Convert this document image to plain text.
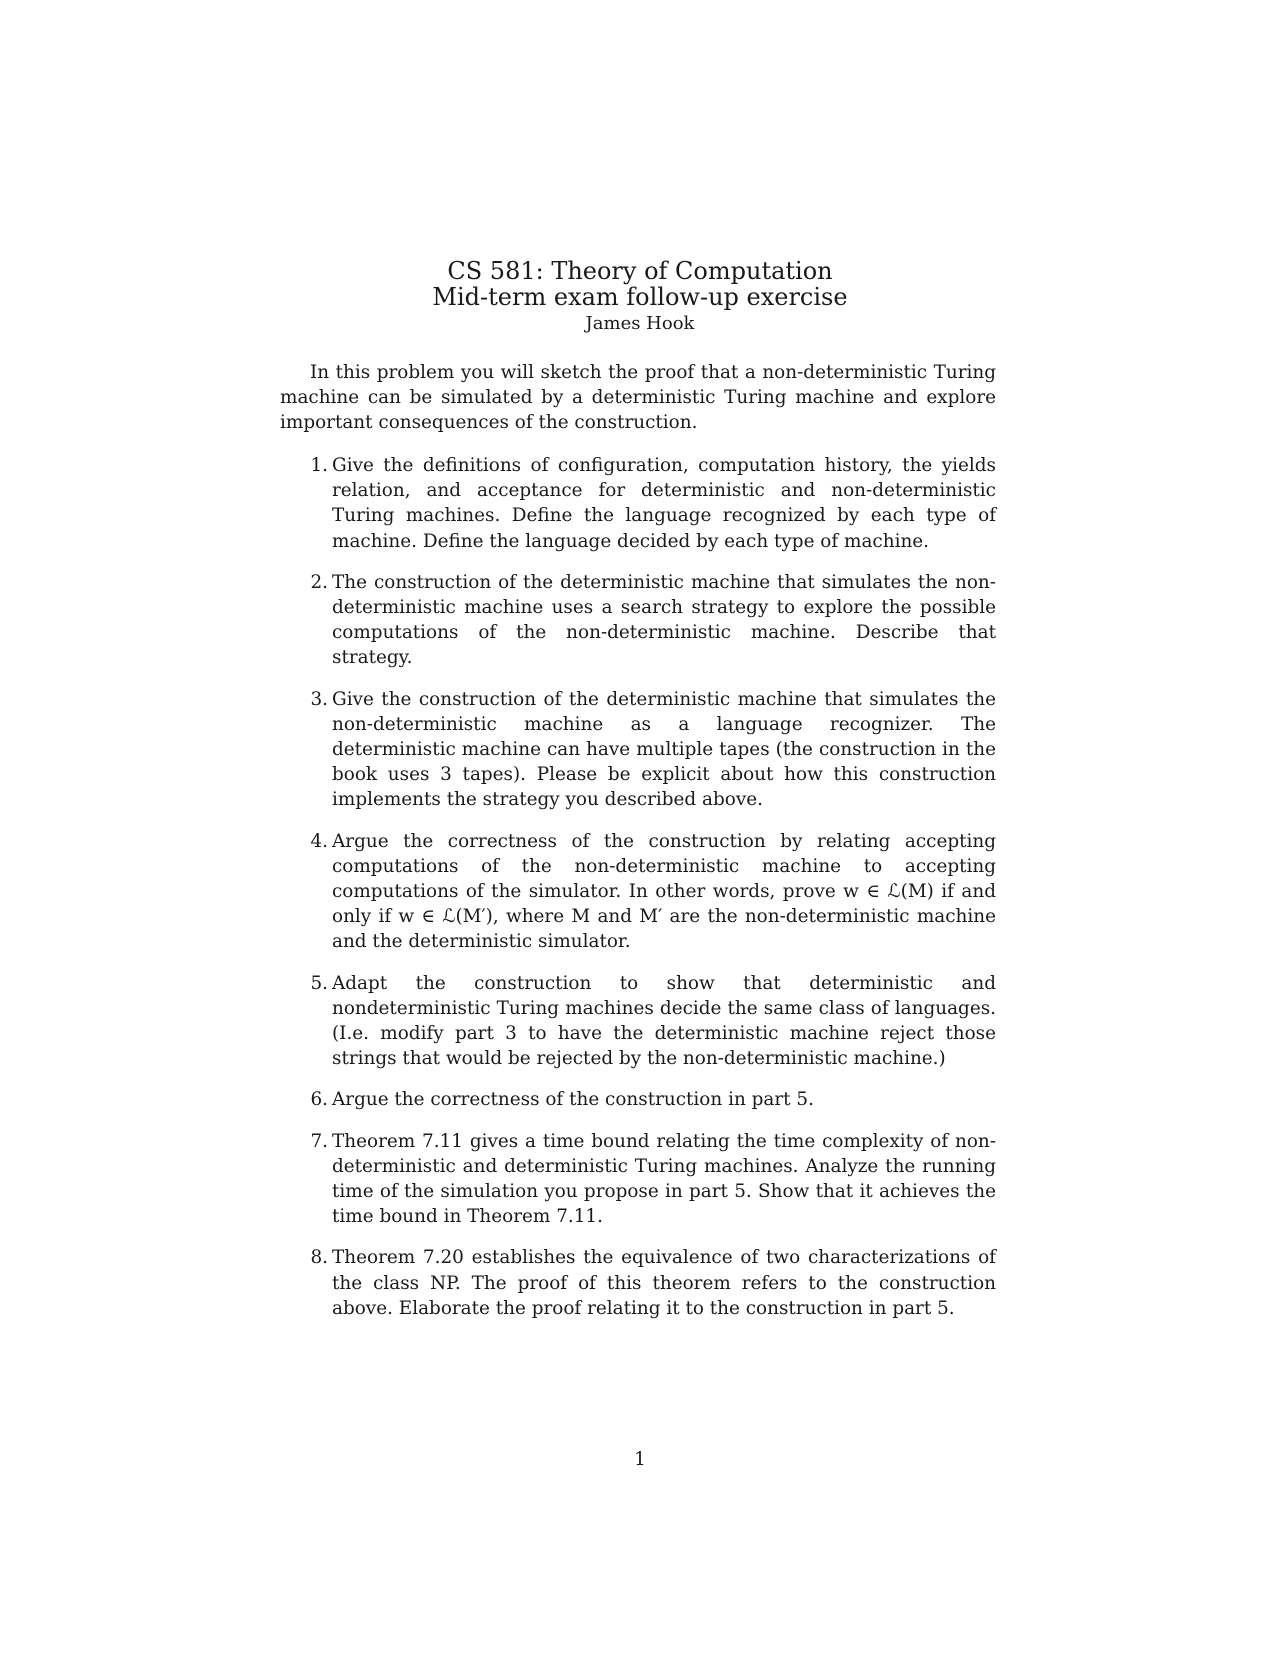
CS 581: Theory of Computation
Mid-term exam follow-up exercise
James Hook

In this problem you will sketch the proof that a non-deterministic Turing machine can be simulated by a deterministic Turing machine and explore important consequences of the construction.

1. Give the definitions of configuration, computation history, the yields relation, and acceptance for deterministic and non-deterministic Turing machines. Define the language recognized by each type of machine. Define the language decided by each type of machine.
2. The construction of the deterministic machine that simulates the non-deterministic machine uses a search strategy to explore the possible computations of the non-deterministic machine. Describe that strategy.
3. Give the construction of the deterministic machine that simulates the non-deterministic machine as a language recognizer. The deterministic machine can have multiple tapes (the construction in the book uses 3 tapes). Please be explicit about how this construction implements the strategy you described above.
4. Argue the correctness of the construction by relating accepting computations of the non-deterministic machine to accepting computations of the simulator. In other words, prove w ∈ ℒ(M) if and only if w ∈ ℒ(M′), where M and M′ are the non-deterministic machine and the deterministic simulator.
5. Adapt the construction to show that deterministic and nondeterministic Turing machines decide the same class of languages. (I.e. modify part 3 to have the deterministic machine reject those strings that would be rejected by the non-deterministic machine.)
6. Argue the correctness of the construction in part 5.
7. Theorem 7.11 gives a time bound relating the time complexity of non-deterministic and deterministic Turing machines. Analyze the running time of the simulation you propose in part 5. Show that it achieves the time bound in Theorem 7.11.
8. Theorem 7.20 establishes the equivalence of two characterizations of the class NP. The proof of this theorem refers to the construction above. Elaborate the proof relating it to the construction in part 5.
1
